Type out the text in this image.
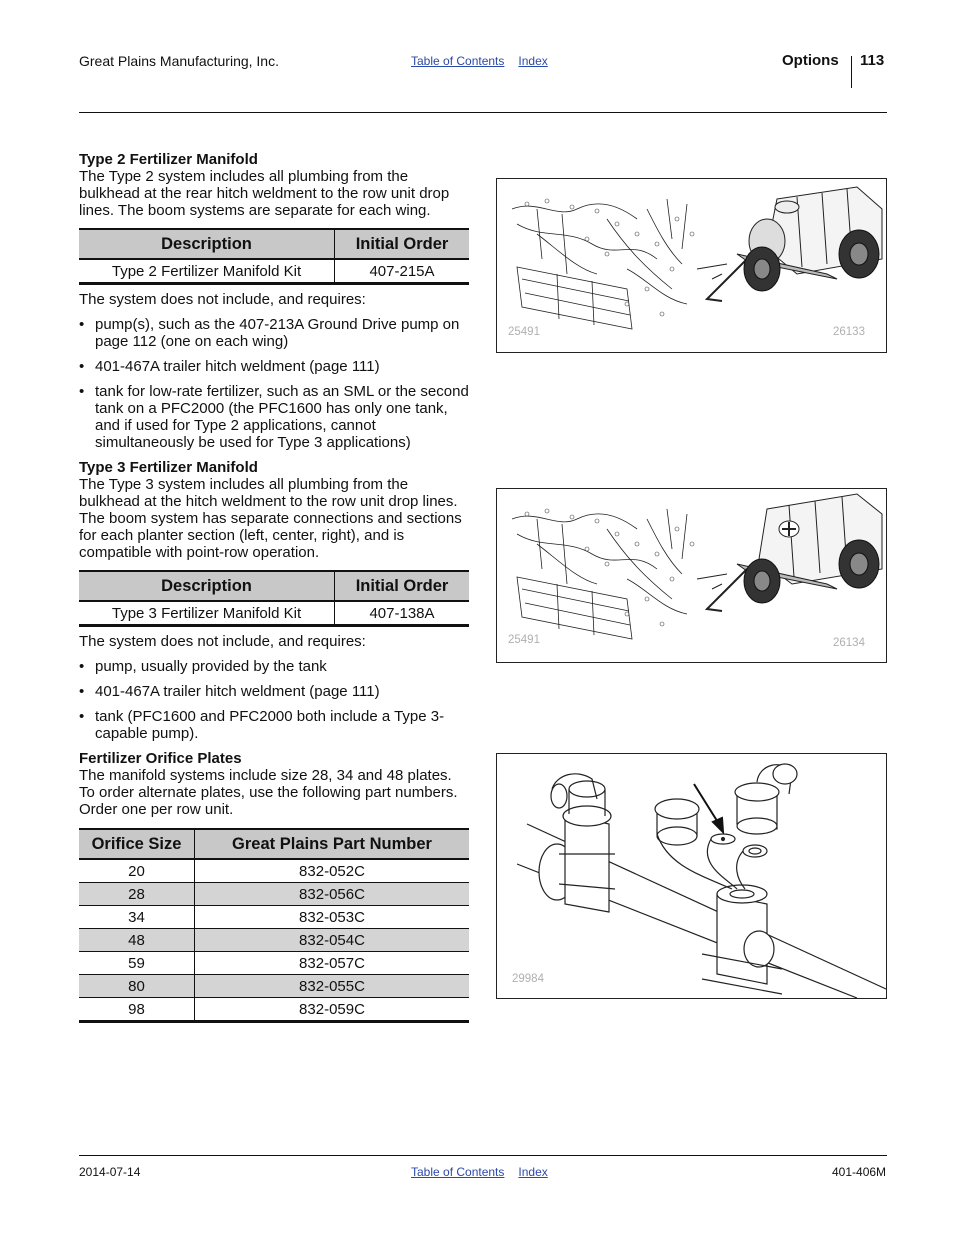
Great Plains Manufacturing, Inc.	Table of Contents Index	Options 113
Type 2 Fertilizer Manifold

The Type 2 system includes all plumbing from the bulkhead at the rear hitch weldment to the row unit drop lines. The boom systems are separate for each wing.

Description	Initial Order
Type 2 Fertilizer Manifold Kit	407-215A

The system does not include, and requires:

• pump(s), such as the 407-213A Ground Drive pump on page 112 (one on each wing)
• 401-467A trailer hitch weldment (page 111)
• tank for low-rate fertilizer, such as an SML or the second tank on a PFC2000 (the PFC1600 has only one tank, and if used for Type 2 applications, cannot simultaneously be used for Type 3 applications)
Type 3 Fertilizer Manifold

The Type 3 system includes all plumbing from the bulkhead at the hitch weldment to the row unit drop lines. The boom system has separate connections and sections for each planter section (left, center, right), and is compatible with point-row operation.

Description	Initial Order
Type 3 Fertilizer Manifold Kit	407-138A

The system does not include, and requires:

• pump, usually provided by the tank
• 401-467A trailer hitch weldment (page 111)
• tank (PFC1600 and PFC2000 both include a Type 3-capable pump).
Fertilizer Orifice Plates

The manifold systems include size 28, 34 and 48 plates. To order alternate plates, use the following part numbers. Order one per row unit.

Orifice Size	Great Plains Part Number
20	832-052C
28	832-056C
34	832-053C
48	832-054C
59	832-057C
80	832-055C
98	832-059C
25491	26133
25491	26134
29984
2014-07-14	Table of Contents Index	401-406M
